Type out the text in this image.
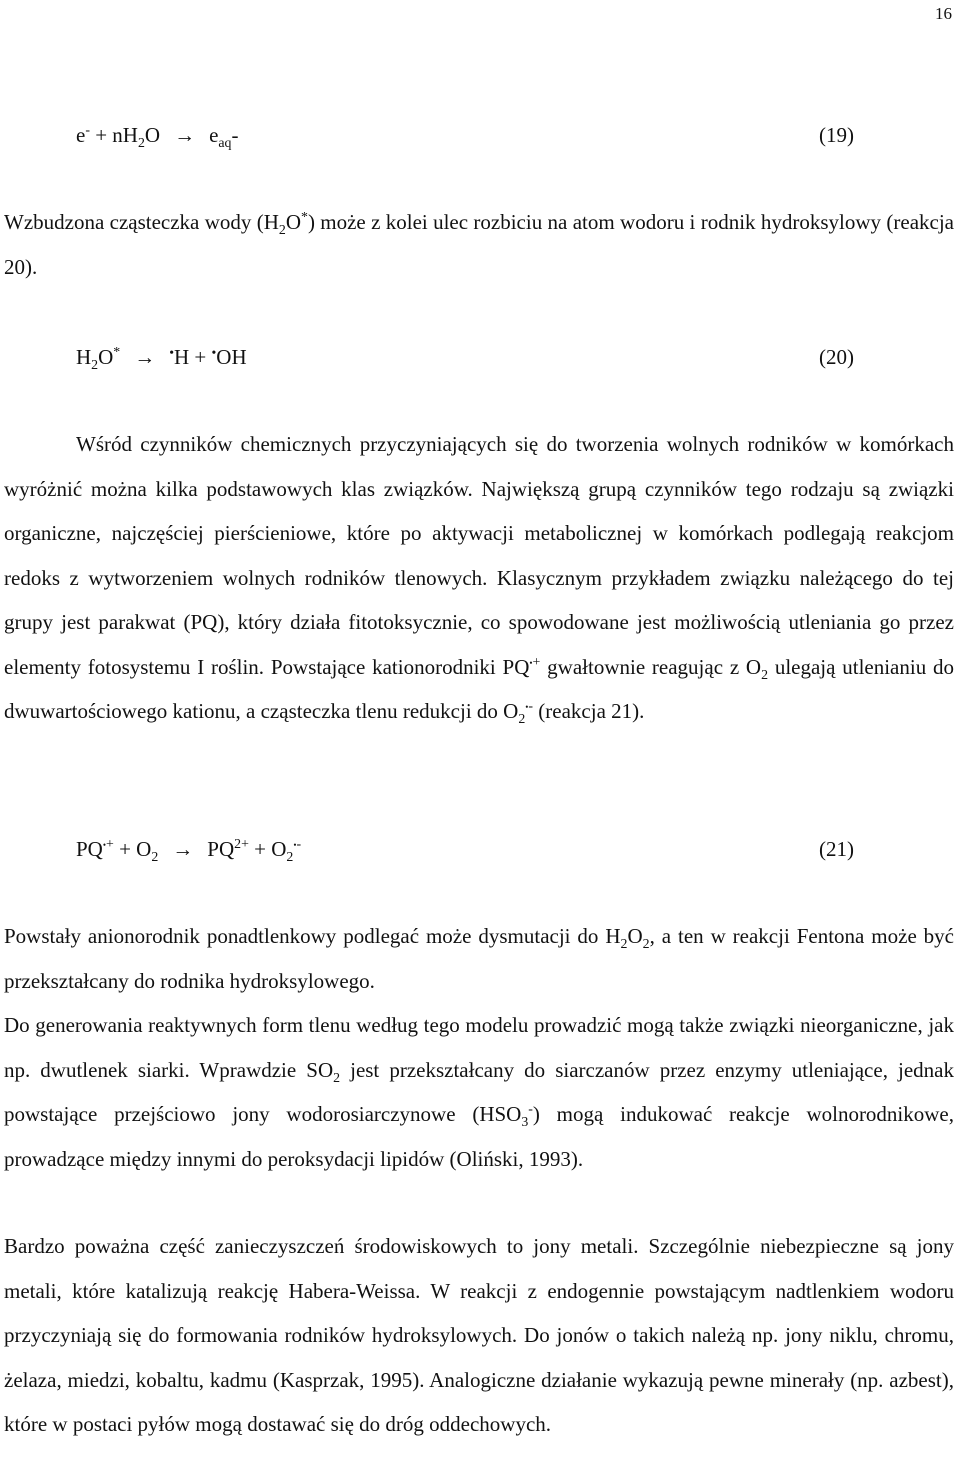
16
$e^- + nH_2O \to e_{aq}-$	(19)

Wzbudzona cząsteczka wody $(H_2O^*)$ może z kolei ulec rozbiciu na atom wodoru i rodnik hydroksylowy (reakcja 20).

$H_2O^* \to ^•H + ^•OH$	(20)

Wśród czynników chemicznych przyczyniających się do tworzenia wolnych rodników w komórkach wyróżnić można kilka podstawowych klas związków. Największą grupą czynników tego rodzaju są związki organiczne, najczęściej pierścieniowe, które po aktywacji metabolicznej w komórkach podlegają reakcjom redoks z wytworzeniem wolnych rodników tlenowych. Klasycznym przykładem związku należącego do tej grupy jest parakwat (PQ), który działa fitotoksycznie, co spowodowane jest możliwością utleniania go przez elementy fotosystemu I roślin. Powstające kationorodniki PQ•+ gwałtownie reagując z $O_2$ ulegają utlenianiu do dwuwartościowego kationu, a cząsteczka tlenu redukcji do $O_2^{•-}$ (reakcja 21).

$PQ^{•+} + O_2 \to PQ^{2+} + O_2^{•-}$	(21)

Powstały anionorodnik ponadtlenkowy podlegać może dysmutacji do $H_2O_2$, a ten w reakcji Fentona może być przekształcany do rodnika hydroksylowego.

Do generowania reaktywnych form tlenu według tego modelu prowadzić mogą także związki nieorganiczne, jak np. dwutlenek siarki. Wprawdzie $SO_2$ jest przekształcany do siarczanów przez enzymy utleniające, jednak powstające przejściowo jony wodorosiarczynowe $(HSO_3^-)$ mogą indukować reakcje wolnorodnikowe, prowadzące między innymi do peroksydacji lipidów (Oliński, 1993).

Bardzo poważna część zanieczyszczeń środowiskowych to jony metali. Szczególnie niebezpieczne są jony metali, które katalizują reakcję Habera-Weissa. W reakcji z endogennie powstającym nadtlenkiem wodoru przyczyniają się do formowania rodników hydroksylowych. Do jonów o takich należą np. jony niklu, chromu, żelaza, miedzi, kobaltu, kadmu (Kasprzak, 1995). Analogiczne działanie wykazują pewne minerały (np. azbest), które w postaci pyłów mogą dostawać się do dróg oddechowych.
